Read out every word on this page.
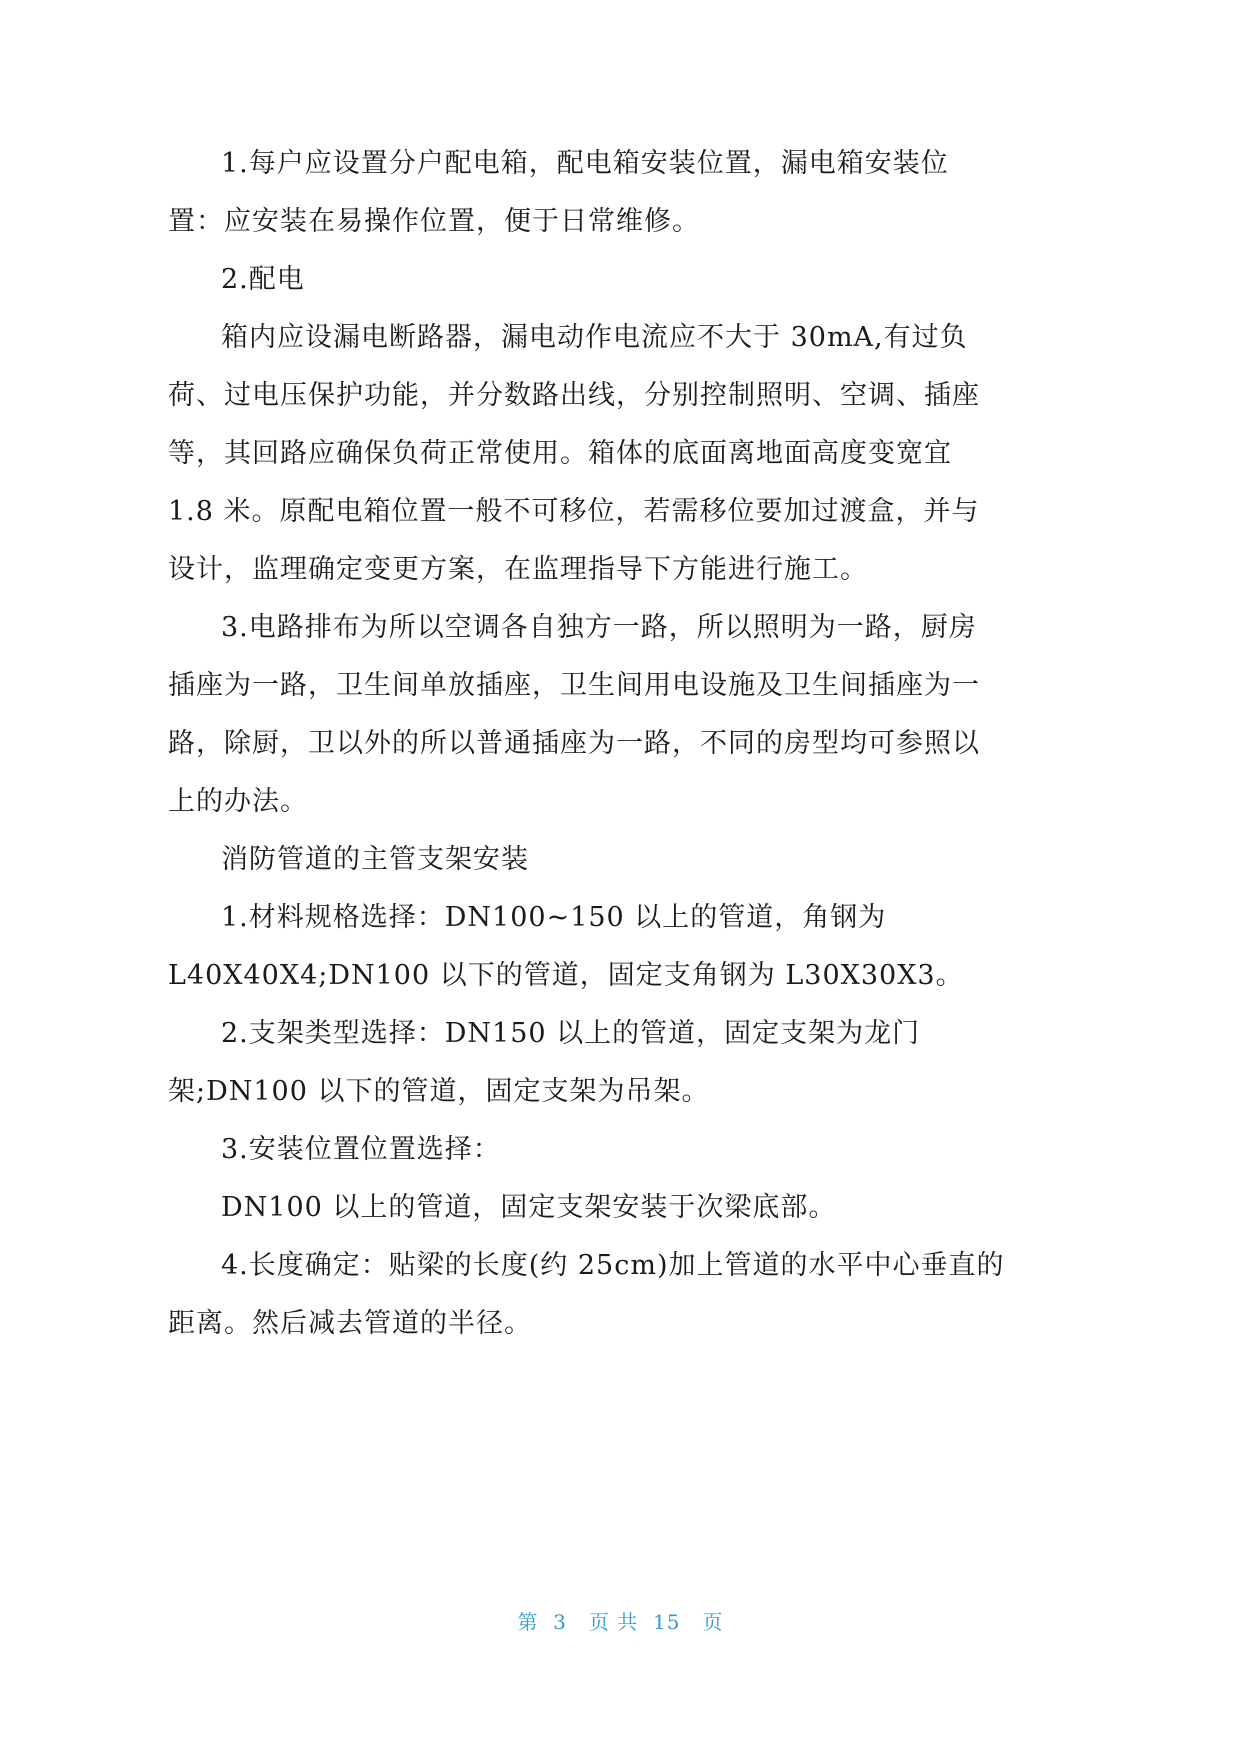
1.每户应设置分户配电箱，配电箱安装位置，漏电箱安装位
置：应安装在易操作位置，便于日常维修。
2.配电
箱内应设漏电断路器，漏电动作电流应不大于 30mA,有过负
荷、过电压保护功能，并分数路出线，分别控制照明、空调、插座
等，其回路应确保负荷正常使用。箱体的底面离地面高度变宽宜
1.8 米。原配电箱位置一般不可移位，若需移位要加过渡盒，并与
设计，监理确定变更方案，在监理指导下方能进行施工。
3.电路排布为所以空调各自独方一路，所以照明为一路，厨房
插座为一路，卫生间单放插座，卫生间用电设施及卫生间插座为一
路，除厨，卫以外的所以普通插座为一路，不同的房型均可参照以
上的办法。
消防管道的主管支架安装
1.材料规格选择：DN100~150 以上的管道，角钢为
L40X40X4;DN100 以下的管道，固定支角钢为 L30X30X3。
2.支架类型选择：DN150 以上的管道，固定支架为龙门
架;DN100 以下的管道，固定支架为吊架。
3.安装位置位置选择：
DN100 以上的管道，固定支架安装于次梁底部。
4.长度确定：贴梁的长度(约 25cm)加上管道的水平中心垂直的
距离。然后减去管道的半径。
第  3   页 共  15   页
